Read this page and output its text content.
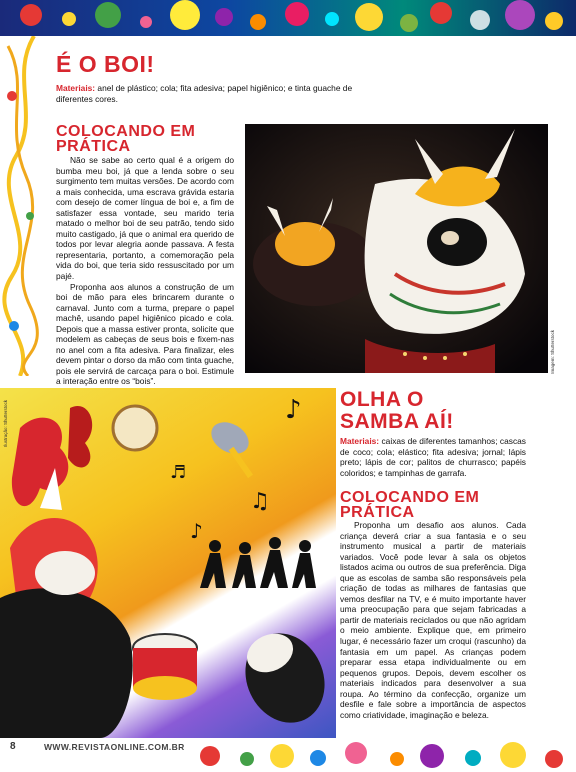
É O BOI!

Materiais: anel de plástico; cola; fita adesiva; papel higiênico; e tinta guache de diferentes cores.

COLOCANDO EM
PRÁTICA

Não se sabe ao certo qual é a origem do bumba meu boi, já que a lenda sobre o seu surgimento tem muitas versões. De acordo com a mais conhecida, uma escrava grávida estaria com desejo de comer língua de boi e, a fim de satisfazer essa vontade, seu marido teria matado o melhor boi de seu patrão, tendo sido muito castigado, já que o animal era querido de todos por levar alegria aonde passava. A festa representaria, portanto, a comemoração pela vida do boi, que teria sido ressuscitado por um pajé.

Proponha aos alunos a construção de um boi de mão para eles brincarem durante o carnaval. Junto com a turma, prepare o papel machê, usando papel higiênico picado e cola. Depois que a massa estiver pronta, solicite que modelem as cabeças de seus bois e fixem-nas no anel com a fita adesiva. Para finalizar, eles devem pintar o dorso da mão com tinta guache, pois ele servirá de carcaça para o boi. Estimule a interação entre os “bois”.

Imagem: Shutterstock
♪
♫
♪
♬
Ilustração: Shutterstock
OLHA O
SAMBA AÍ!

Materiais: caixas de diferentes tamanhos; cascas de coco; cola; elástico; fita adesiva; jornal; lápis preto; lápis de cor; palitos de churrasco; papéis coloridos; e tampinhas de garrafa.

COLOCANDO EM
PRÁTICA

Proponha um desafio aos alunos. Cada criança deverá criar a sua fantasia e o seu instrumento musical a partir de materiais variados. Você pode levar à sala os objetos listados acima ou outros de sua preferência. Diga que as escolas de samba são responsáveis pela criação de todas as milhares de fantasias que vemos desfilar na TV, e é muito importante haver uma preocupação para que sejam fabricadas a partir de materiais reciclados ou que não agridam o meio ambiente. Explique que, em primeiro lugar, é necessário fazer um croqui (rascunho) da fantasia em um papel. As crianças podem preparar essa etapa individualmente ou em pequenos grupos. Depois, devem escolher os materiais indicados para desenvolver a sua roupa. Ao término da confecção, organize um desfile e fale sobre a importância de aspectos como criatividade, imaginação e beleza.

8	WWW.REVISTAONLINE.COM.BR
